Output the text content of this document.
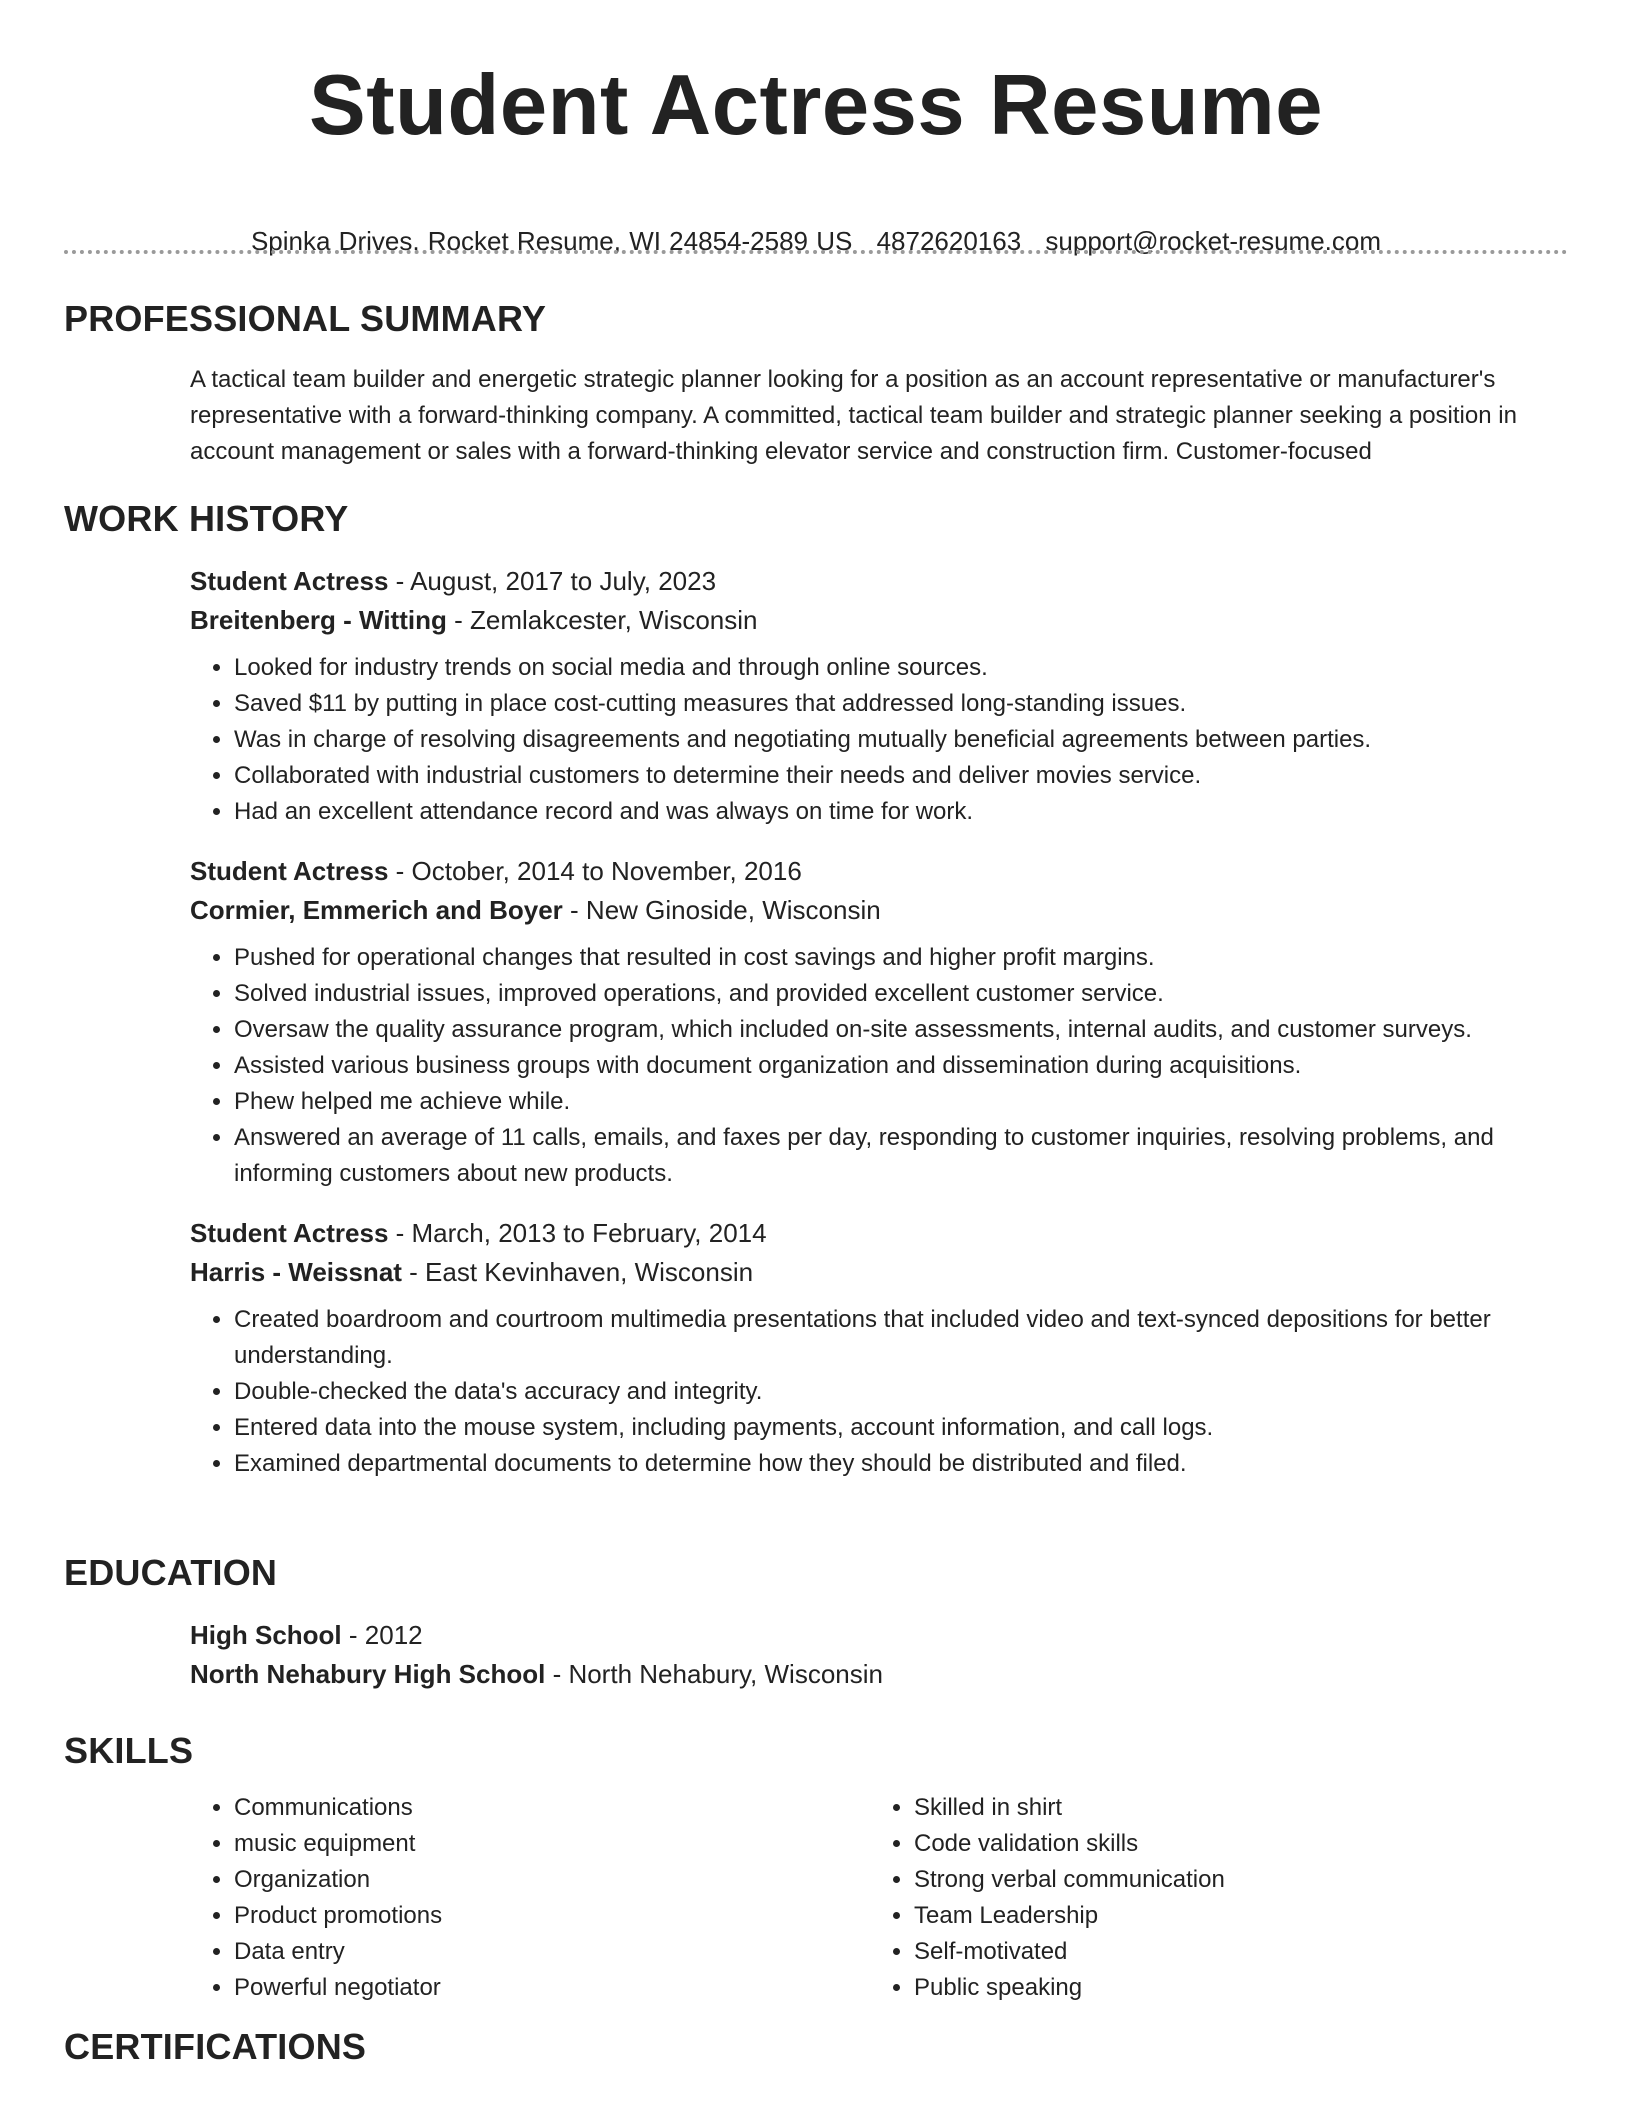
Student Actress Resume
Spinka Drives, Rocket Resume, WI 24854-2589 US 4872620163 support@rocket-resume.com
PROFESSIONAL SUMMARY

A tactical team builder and energetic strategic planner looking for a position as an account representative or manufacturer's representative with a forward-thinking company. A committed, tactical team builder and strategic planner seeking a position in account management or sales with a forward-thinking elevator service and construction firm. Customer-focused

WORK HISTORY
Student Actress - August, 2017 to July, 2023
Breitenberg - Witting - Zemlakcester, Wisconsin
• Looked for industry trends on social media and through online sources.
• Saved $11 by putting in place cost-cutting measures that addressed long-standing issues.
• Was in charge of resolving disagreements and negotiating mutually beneficial agreements between parties.
• Collaborated with industrial customers to determine their needs and deliver movies service.
• Had an excellent attendance record and was always on time for work.
Student Actress - October, 2014 to November, 2016
Cormier, Emmerich and Boyer - New Ginoside, Wisconsin
• Pushed for operational changes that resulted in cost savings and higher profit margins.
• Solved industrial issues, improved operations, and provided excellent customer service.
• Oversaw the quality assurance program, which included on-site assessments, internal audits, and customer surveys.
• Assisted various business groups with document organization and dissemination during acquisitions.
• Phew helped me achieve while.
• Answered an average of 11 calls, emails, and faxes per day, responding to customer inquiries, resolving problems, and informing customers about new products.
Student Actress - March, 2013 to February, 2014
Harris - Weissnat - East Kevinhaven, Wisconsin
• Created boardroom and courtroom multimedia presentations that included video and text-synced depositions for better understanding.
• Double-checked the data's accuracy and integrity.
• Entered data into the mouse system, including payments, account information, and call logs.
• Examined departmental documents to determine how they should be distributed and filed.
EDUCATION
High School - 2012
North Nehabury High School - North Nehabury, Wisconsin
SKILLS
• Communications
• music equipment
• Organization
• Product promotions
• Data entry
• Powerful negotiator
• Skilled in shirt
• Code validation skills
• Strong verbal communication
• Team Leadership
• Self-motivated
• Public speaking
CERTIFICATIONS
